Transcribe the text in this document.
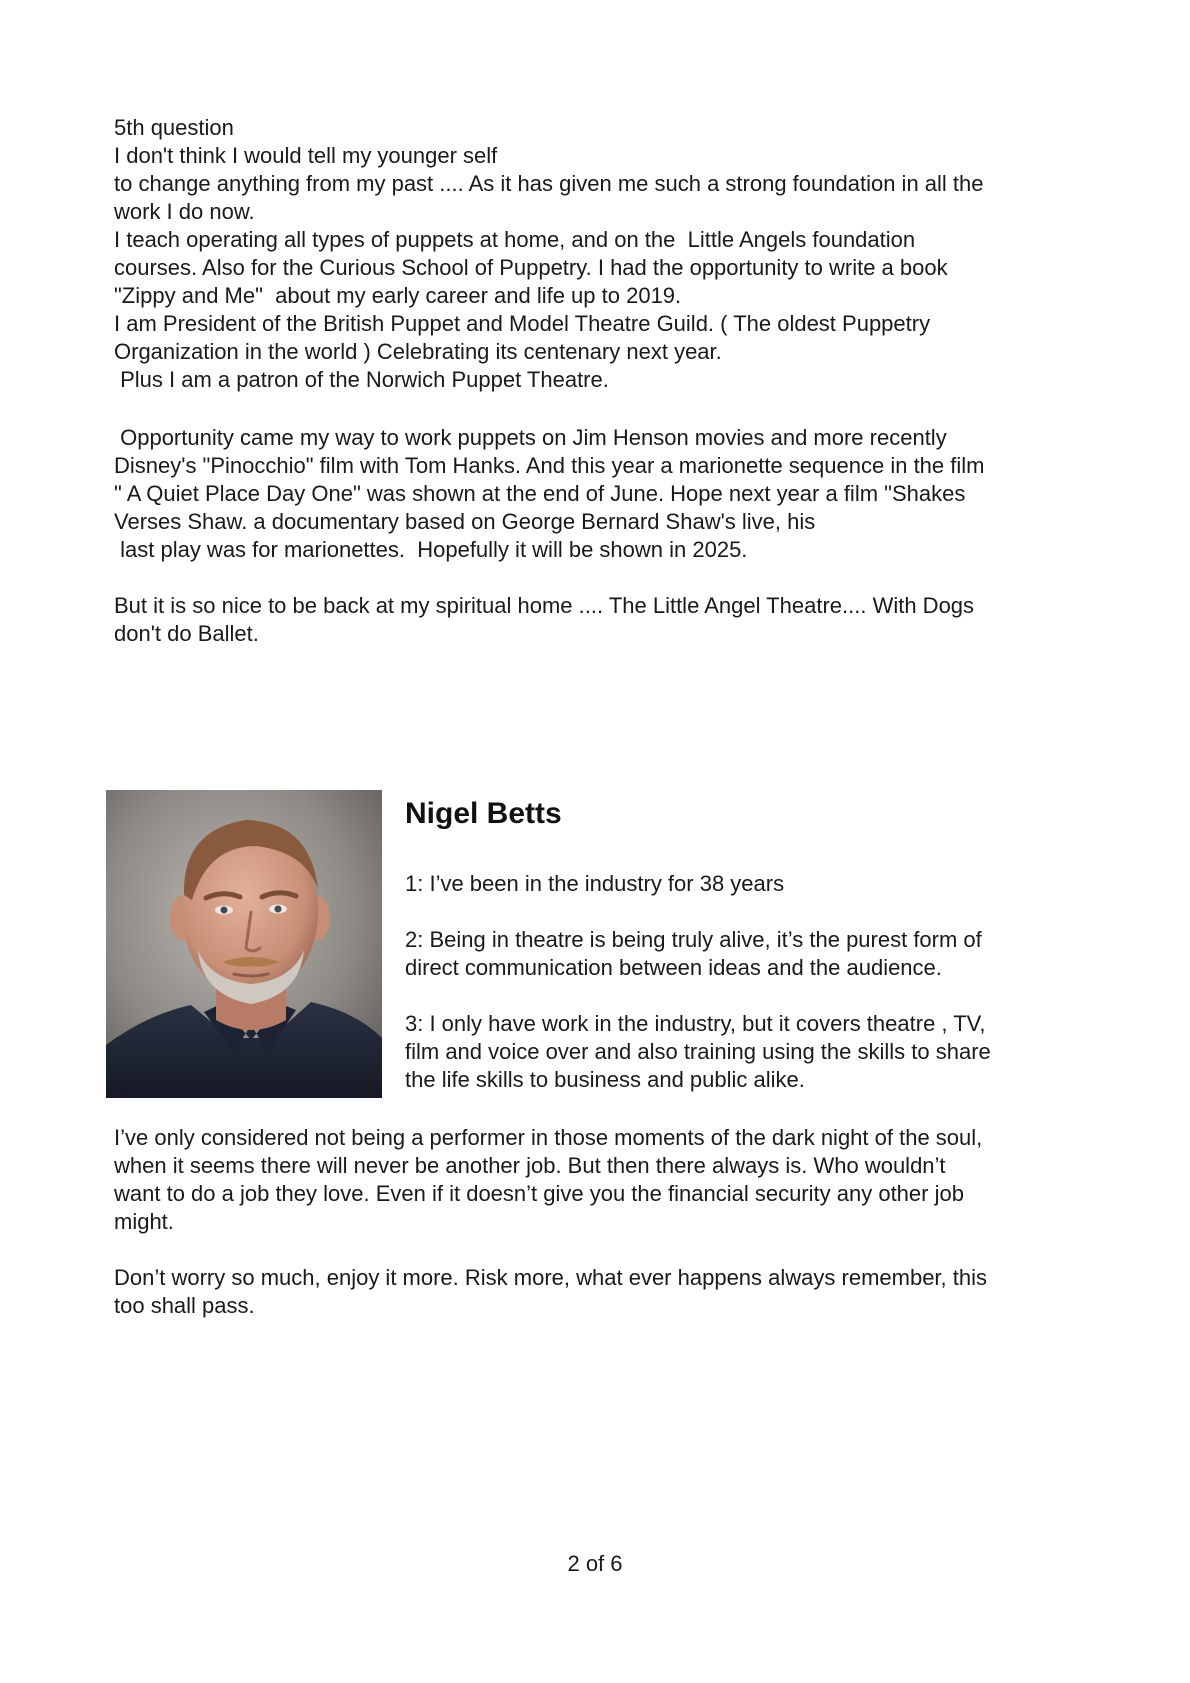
5th question
I don't think I would tell my younger self
to change anything from my past .... As it has given me such a strong foundation in all the
work I do now.
I teach operating all types of puppets at home, and on the  Little Angels foundation
courses. Also for the Curious School of Puppetry. I had the opportunity to write a book
"Zippy and Me"  about my early career and life up to 2019.
I am President of the British Puppet and Model Theatre Guild. ( The oldest Puppetry
Organization in the world ) Celebrating its centenary next year.
Plus I am a patron of the Norwich Puppet Theatre.

Opportunity came my way to work puppets on Jim Henson movies and more recently
Disney's "Pinocchio" film with Tom Hanks. And this year a marionette sequence in the film
" A Quiet Place Day One" was shown at the end of June. Hope next year a film "Shakes
Verses Shaw. a documentary based on George Bernard Shaw's live, his
last play was for marionettes.  Hopefully it will be shown in 2025.

But it is so nice to be back at my spiritual home .... The Little Angel Theatre.... With Dogs
don't do Ballet.

Nigel Betts

1: I’ve been in the industry for 38 years

2: Being in theatre is being truly alive, it’s the purest form of
direct communication between ideas and the audience.

3: I only have work in the industry, but it covers theatre , TV,
film and voice over and also training using the skills to share
the life skills to business and public alike.

I’ve only considered not being a performer in those moments of the dark night of the soul,
when it seems there will never be another job. But then there always is. Who wouldn’t
want to do a job they love. Even if it doesn’t give you the financial security any other job
might.

Don’t worry so much, enjoy it more. Risk more, what ever happens always remember, this
too shall pass.

2 of 6
